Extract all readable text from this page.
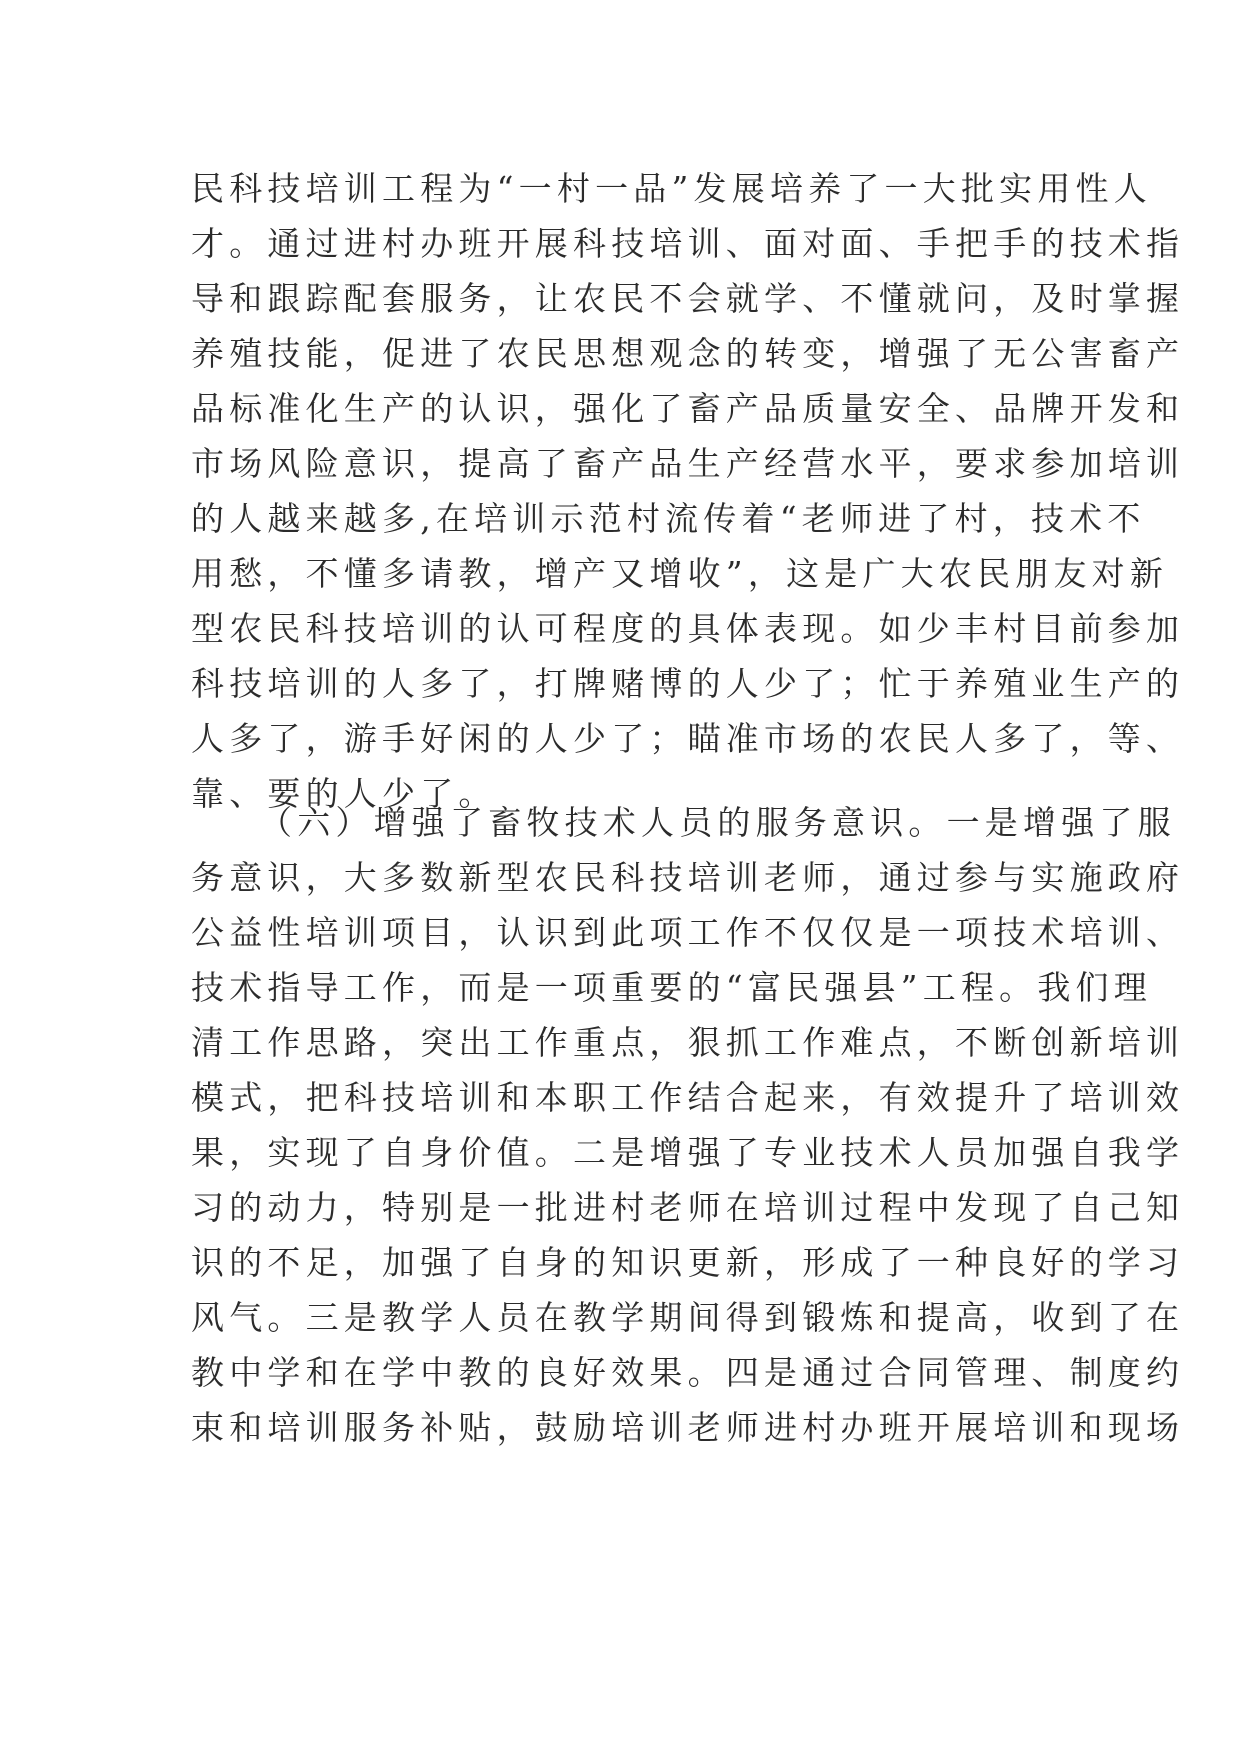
民科技培训工程为“一村一品”发展培养了一大批实用性人
才。通过进村办班开展科技培训、面对面、手把手的技术指
导和跟踪配套服务，让农民不会就学、不懂就问，及时掌握
养殖技能，促进了农民思想观念的转变，增强了无公害畜产
品标准化生产的认识，强化了畜产品质量安全、品牌开发和
市场风险意识，提高了畜产品生产经营水平，要求参加培训
的人越来越多,在培训示范村流传着“老师进了村，技术不
用愁，不懂多请教，增产又增收”，这是广大农民朋友对新
型农民科技培训的认可程度的具体表现。如少丰村目前参加
科技培训的人多了，打牌赌博的人少了；忙于养殖业生产的
人多了，游手好闲的人少了；瞄准市场的农民人多了，等、
靠、要的人少了。
（六）增强了畜牧技术人员的服务意识。一是增强了服
务意识，大多数新型农民科技培训老师，通过参与实施政府
公益性培训项目，认识到此项工作不仅仅是一项技术培训、
技术指导工作，而是一项重要的“富民强县”工程。我们理
清工作思路，突出工作重点，狠抓工作难点，不断创新培训
模式，把科技培训和本职工作结合起来，有效提升了培训效
果，实现了自身价值。二是增强了专业技术人员加强自我学
习的动力，特别是一批进村老师在培训过程中发现了自己知
识的不足，加强了自身的知识更新，形成了一种良好的学习
风气。三是教学人员在教学期间得到锻炼和提高，收到了在
教中学和在学中教的良好效果。四是通过合同管理、制度约
束和培训服务补贴，鼓励培训老师进村办班开展培训和现场
